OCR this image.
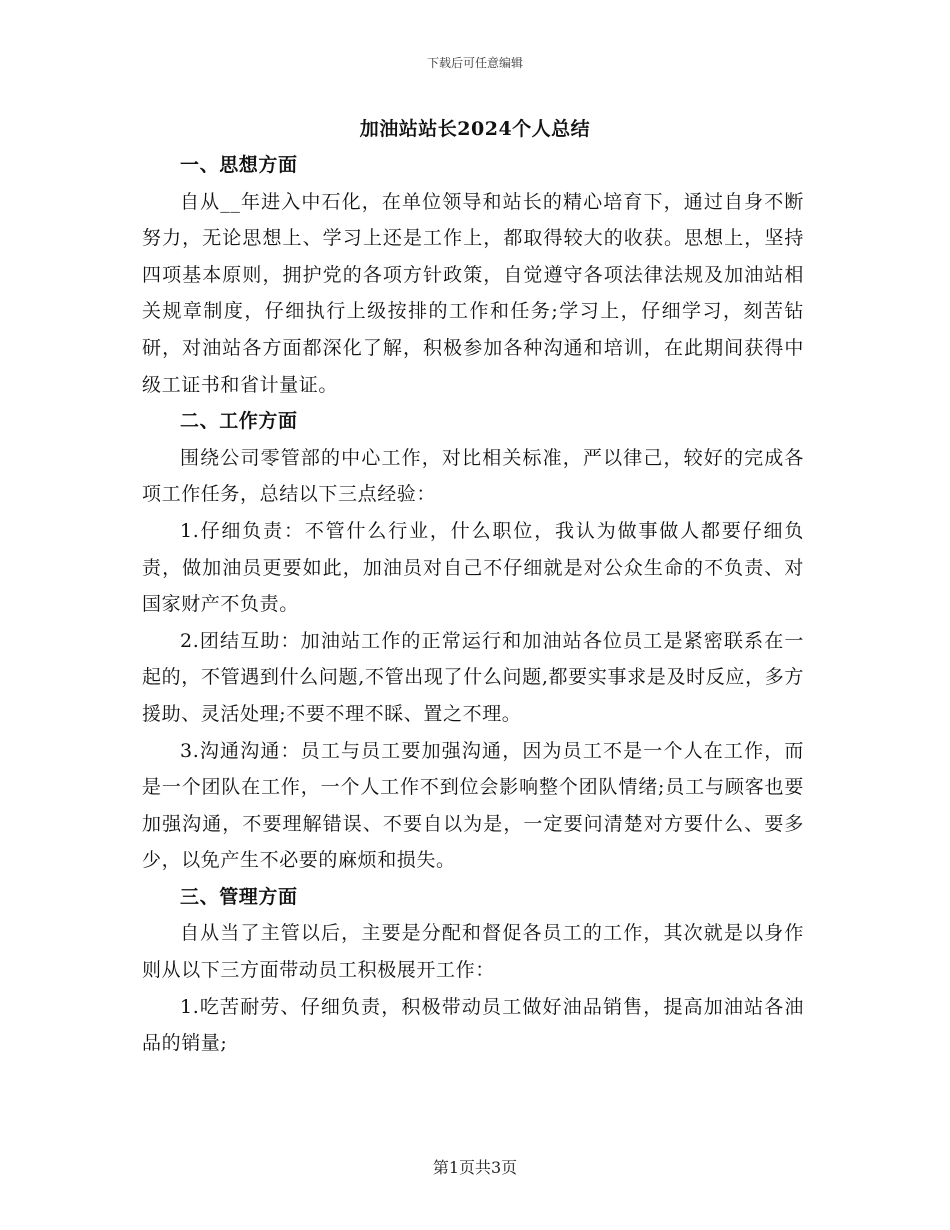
下载后可任意编辑
加油站站长2024个人总结
一、思想方面

自从__年进入中石化，在单位领导和站长的精心培育下，通过自身不断努力，无论思想上、学习上还是工作上，都取得较大的收获。思想上，坚持四项基本原则，拥护党的各项方针政策，自觉遵守各项法律法规及加油站相关规章制度，仔细执行上级按排的工作和任务;学习上，仔细学习，刻苦钻研，对油站各方面都深化了解，积极参加各种沟通和培训，在此期间获得中级工证书和省计量证。

二、工作方面

围绕公司零管部的中心工作，对比相关标准，严以律己，较好的完成各项工作任务，总结以下三点经验：

1.仔细负责：不管什么行业，什么职位，我认为做事做人都要仔细负责，做加油员更要如此，加油员对自己不仔细就是对公众生命的不负责、对国家财产不负责。

2.团结互助：加油站工作的正常运行和加油站各位员工是紧密联系在一起的，不管遇到什么问题,不管出现了什么问题,都要实事求是及时反应，多方援助、灵活处理;不要不理不睬、置之不理。

3.沟通沟通：员工与员工要加强沟通，因为员工不是一个人在工作，而是一个团队在工作，一个人工作不到位会影响整个团队情绪;员工与顾客也要加强沟通，不要理解错误、不要自以为是，一定要问清楚对方要什么、要多少，以免产生不必要的麻烦和损失。

三、管理方面

自从当了主管以后，主要是分配和督促各员工的工作，其次就是以身作则从以下三方面带动员工积极展开工作：

1.吃苦耐劳、仔细负责，积极带动员工做好油品销售，提高加油站各油品的销量;

第1页共3页
